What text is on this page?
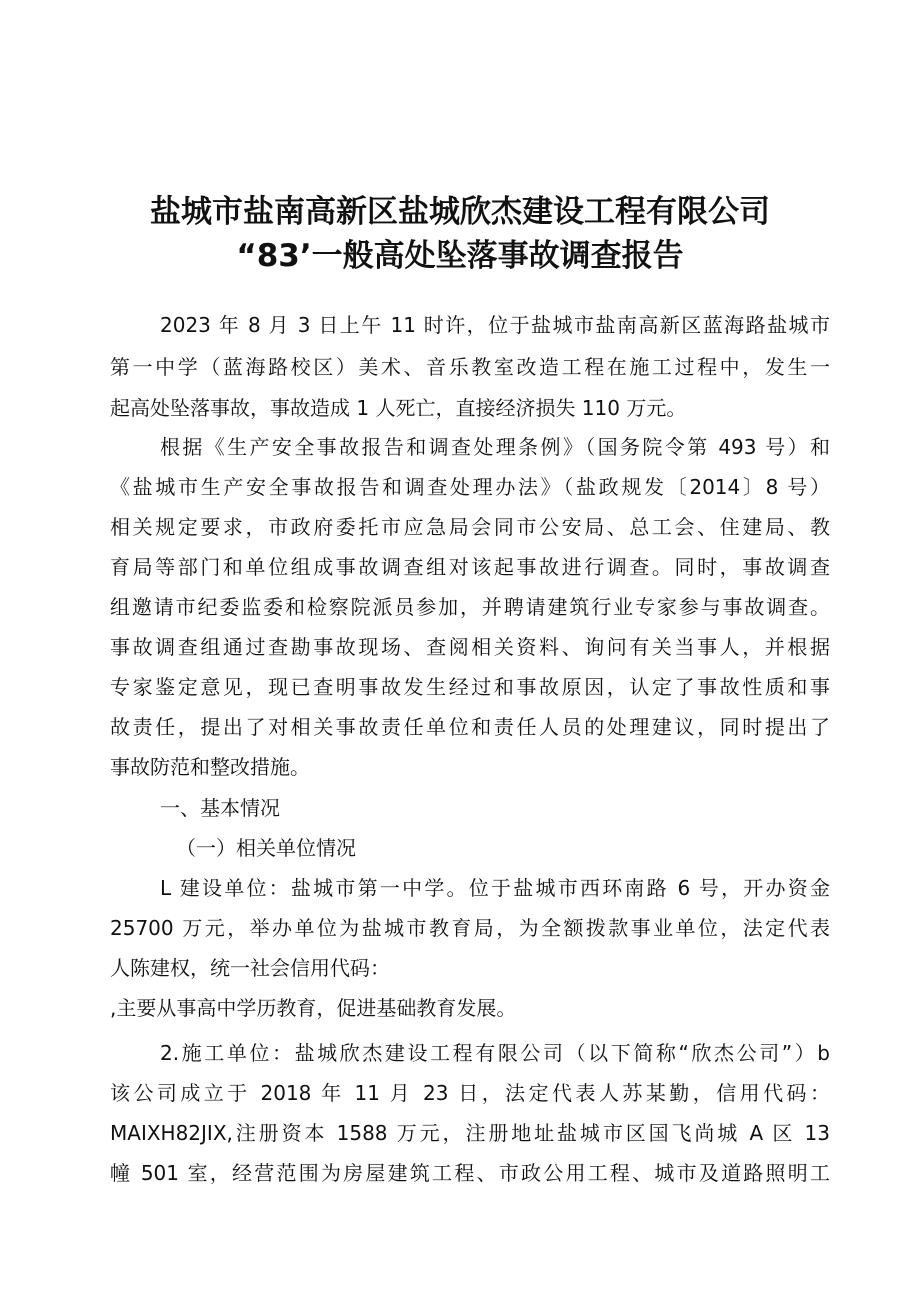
盐城市盐南高新区盐城欣杰建设工程有限公司
“83’一般高处坠落事故调查报告
2023 年 8 月 3 日上午 11 时许，位于盐城市盐南高新区蓝海路盐城市
第一中学（蓝海路校区）美术、音乐教室改造工程在施工过程中，发生一
起高处坠落事故，事故造成 1 人死亡，直接经济损失 110 万元。
根据《生产安全事故报告和调查处理条例》（国务院令第 493 号）和
《盐城市生产安全事故报告和调查处理办法》（盐政规发〔2014〕8 号）
相关规定要求，市政府委托市应急局会同市公安局、总工会、住建局、教
育局等部门和单位组成事故调查组对该起事故进行调查。同时，事故调查
组邀请市纪委监委和检察院派员参加，并聘请建筑行业专家参与事故调查。
事故调查组通过查勘事故现场、查阅相关资料、询问有关当事人，并根据
专家鉴定意见，现已查明事故发生经过和事故原因，认定了事故性质和事
故责任，提出了对相关事故责任单位和责任人员的处理建议，同时提出了
事故防范和整改措施。
一、基本情况
（一）相关单位情况
L 建设单位：盐城市第一中学。位于盐城市西环南路 6 号，开办资金
25700 万元，举办单位为盐城市教育局，为全额拨款事业单位，法定代表
人陈建权，统一社会信用代码：
,主要从事高中学历教育，促进基础教育发展。
2.施工单位：盐城欣杰建设工程有限公司（以下简称“欣杰公司”）b
该公司成立于 2018 年 11 月 23 日，法定代表人苏某勤，信用代码：
MAIXH82JIX,注册资本 1588 万元，注册地址盐城市区国飞尚城 A 区 13
幢 501 室，经营范围为房屋建筑工程、市政公用工程、城市及道路照明工
